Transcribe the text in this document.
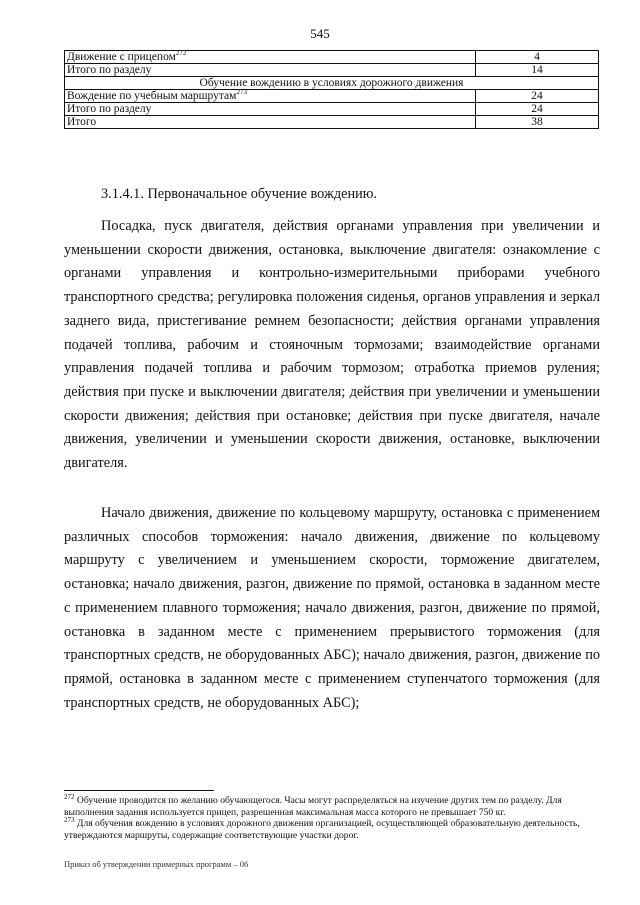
545
Движение с прицепом$^{272}$	4
Итого по разделу	14
Обучение вождению в условиях дорожного движения	
Вождение по учебным маршрутам$^{273}$	24
Итого по разделу	24
Итого	38
3.1.4.1. Первоначальное обучение вождению.

Посадка, пуск двигателя, действия органами управления при увеличении и уменьшении скорости движения, остановка, выключение двигателя: ознакомление с органами управления и контрольно-измерительными приборами учебного транспортного средства; регулировка положения сиденья, органов управления и зеркал заднего вида, пристегивание ремнем безопасности; действия органами управления подачей топлива, рабочим и стояночным тормозами; взаимодействие органами управления подачей топлива и рабочим тормозом; отработка приемов руления; действия при пуске и выключении двигателя; действия при увеличении и уменьшении скорости движения; действия при остановке; действия при пуске двигателя, начале движения, увеличении и уменьшении скорости движения, остановке, выключении двигателя.

Начало движения, движение по кольцевому маршруту, остановка с применением различных способов торможения: начало движения, движение по кольцевому маршруту с увеличением и уменьшением скорости, торможение двигателем, остановка; начало движения, разгон, движение по прямой, остановка в заданном месте с применением плавного торможения; начало движения, разгон, движение по прямой, остановка в заданном месте с применением прерывистого торможения (для транспортных средств, не оборудованных АБС); начало движения, разгон, движение по прямой, остановка в заданном месте с применением ступенчатого торможения (для транспортных средств, не оборудованных АБС);

$^{272}$ Обучение проводится по желанию обучающегося. Часы могут распределяться на изучение других тем по разделу. Для выполнения задания используется прицеп, разрешенная максимальная масса которого не превышает 750 кг.

$^{273}$ Для обучения вождению в условиях дорожного движения организацией, осуществляющей образовательную деятельность, утверждаются маршруты, содержащие соответствующие участки дорог.

Приказ об утверждении примерных программ – 06
